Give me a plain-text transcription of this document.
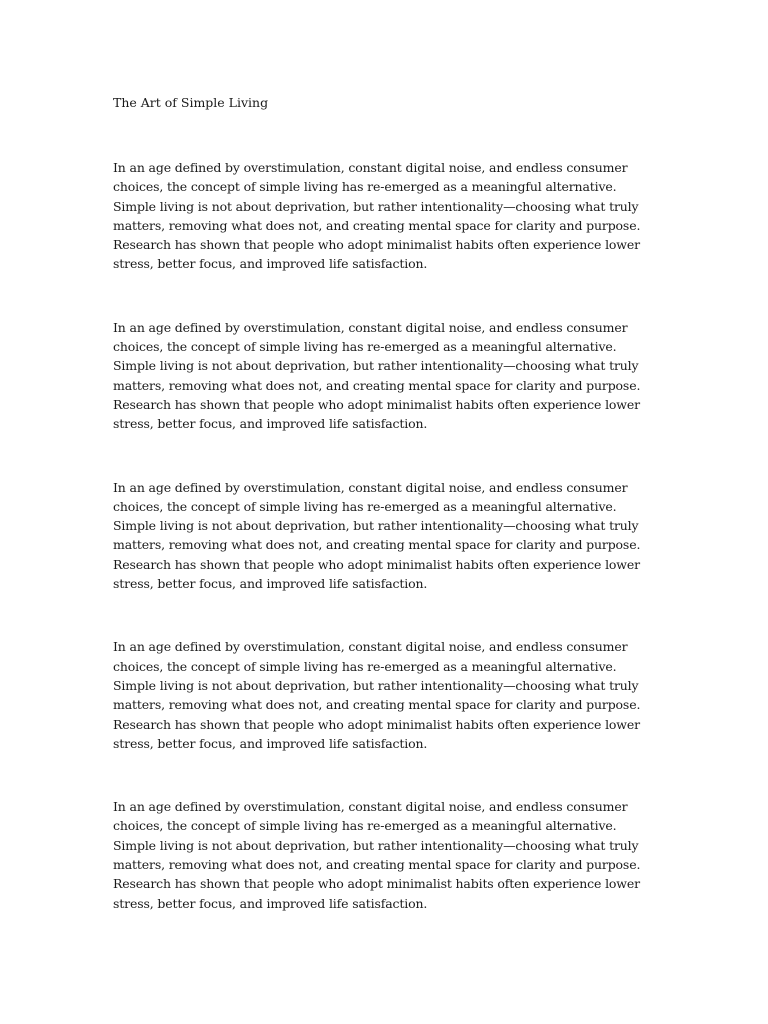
The Art of Simple Living

In an age defined by overstimulation, constant digital noise, and endless consumer choices, the concept of simple living has re-emerged as a meaningful alternative. Simple living is not about deprivation, but rather intentionality—choosing what truly matters, removing what does not, and creating mental space for clarity and purpose. Research has shown that people who adopt minimalist habits often experience lower stress, better focus, and improved life satisfaction.

In an age defined by overstimulation, constant digital noise, and endless consumer choices, the concept of simple living has re-emerged as a meaningful alternative. Simple living is not about deprivation, but rather intentionality—choosing what truly matters, removing what does not, and creating mental space for clarity and purpose. Research has shown that people who adopt minimalist habits often experience lower stress, better focus, and improved life satisfaction.

In an age defined by overstimulation, constant digital noise, and endless consumer choices, the concept of simple living has re-emerged as a meaningful alternative. Simple living is not about deprivation, but rather intentionality—choosing what truly matters, removing what does not, and creating mental space for clarity and purpose. Research has shown that people who adopt minimalist habits often experience lower stress, better focus, and improved life satisfaction.

In an age defined by overstimulation, constant digital noise, and endless consumer choices, the concept of simple living has re-emerged as a meaningful alternative. Simple living is not about deprivation, but rather intentionality—choosing what truly matters, removing what does not, and creating mental space for clarity and purpose. Research has shown that people who adopt minimalist habits often experience lower stress, better focus, and improved life satisfaction.

In an age defined by overstimulation, constant digital noise, and endless consumer choices, the concept of simple living has re-emerged as a meaningful alternative. Simple living is not about deprivation, but rather intentionality—choosing what truly matters, removing what does not, and creating mental space for clarity and purpose. Research has shown that people who adopt minimalist habits often experience lower stress, better focus, and improved life satisfaction.
